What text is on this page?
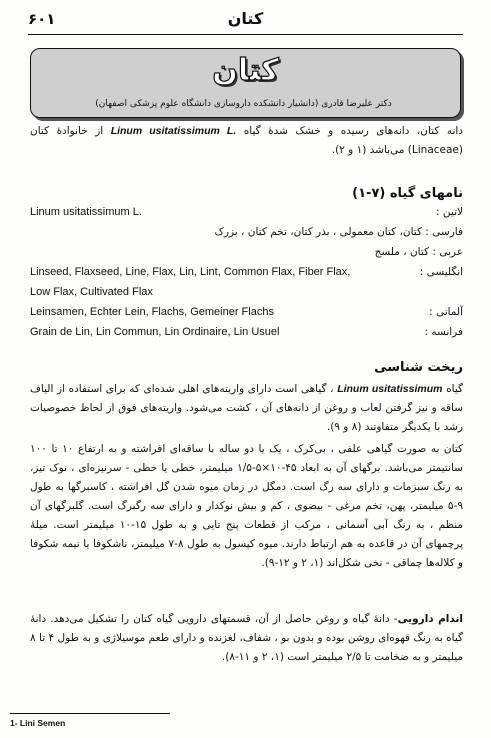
۶۰۱	کتان
کتان
دکتر علیرضا قادری (دانشیار دانشکده داروسازی دانشگاه علوم پزشکی اصفهان)
دانه کتان، دانه‌های رسیده و خشک شدهٔ گیاه Linum usitatissimum L. از خانوادهٔ کتان (Linaceae) می‌باشد (۱ و ۲).
نامهای گیاه (۷-۱)
Linum usitatissimum L.	لاتین :
فارسی : کتان، کتان معمولی ، بذر کتان، تخم کتان ، بزرک
عربی : کتان ، ملسج
Linseed, Flaxseed, Line, Flax, Lin, Lint, Common Flax, Fiber Flax,	انگلیسی :
Low Flax, Cultivated Flax
Leinsamen, Echter Lein, Flachs, Gemeiner Flachs	آلمانی :
Grain de Lin, Lin Commun, Lin Ordinaire, Lin Usuel	فرانسه :
ریخت شناسی
گیاه Linum usitatissimum ، گیاهی است دارای واریته‌های اهلی شده‌ای که برای استفاده از الیاف ساقه و نیز گرفتن لعاب و روغن از دانه‌های آن ، کشت می‌شود. واریته‌های فوق از لحاظ خصوصیات رشد با یکدیگر متفاوتند (۸ و ۹).
کتان به صورت گیاهی علفی ، بی‌کرک ، یک یا دو ساله با ساقه‌ای افراشته و به ارتفاع ۱۰ تا ۱۰۰ سانتیمتر می‌باشد. برگهای آن به ابعاد ۴۵-۱۰×۵-۱/۵ میلیمتر، خطی یا خطی - سرنیزه‌ای ، نوک تیز، به رنگ سبزمات و دارای سه رگ است. دمگل در زمان میوه شدن گل افراشته ، کاسبرگها به طول ۹-۵ میلیمتر، پهن، تخم مرغی - بیضوی ، کم و بیش نوکدار و دارای سه رگبرگ است. گلبرگهای آن منظم ، به رنگ آبی آسمانی ، مرکب از قطعات پنج تایی و به طول ۱۵-۱۰ میلیمتر است. میلهٔ پرچمهای آن در قاعده به هم ارتباط دارند. میوه کپسول به طول ۸-۷ میلیمتر، ناشکوفا یا نیمه شکوفا و کلاله‌ها چماقی - نخی شکل‌اند (۱، ۲ و ۱۲-۹).
اندام دارویی- دانهٔ گیاه و روغن حاصل از آن، قسمتهای دارویی گیاه کتان را تشکیل می‌دهد. دانهٔ گیاه به رنگ قهوه‌ای روشن بوده و بدون بو ، شفاف، لغزنده و دارای طعم موسیلاژی و به طول ۴ تا ۸ میلیمتر و به ضخامت تا ۲/۵ میلیمتر است (۱، ۲ و ۱۱-۸).
1- Lini Semen
